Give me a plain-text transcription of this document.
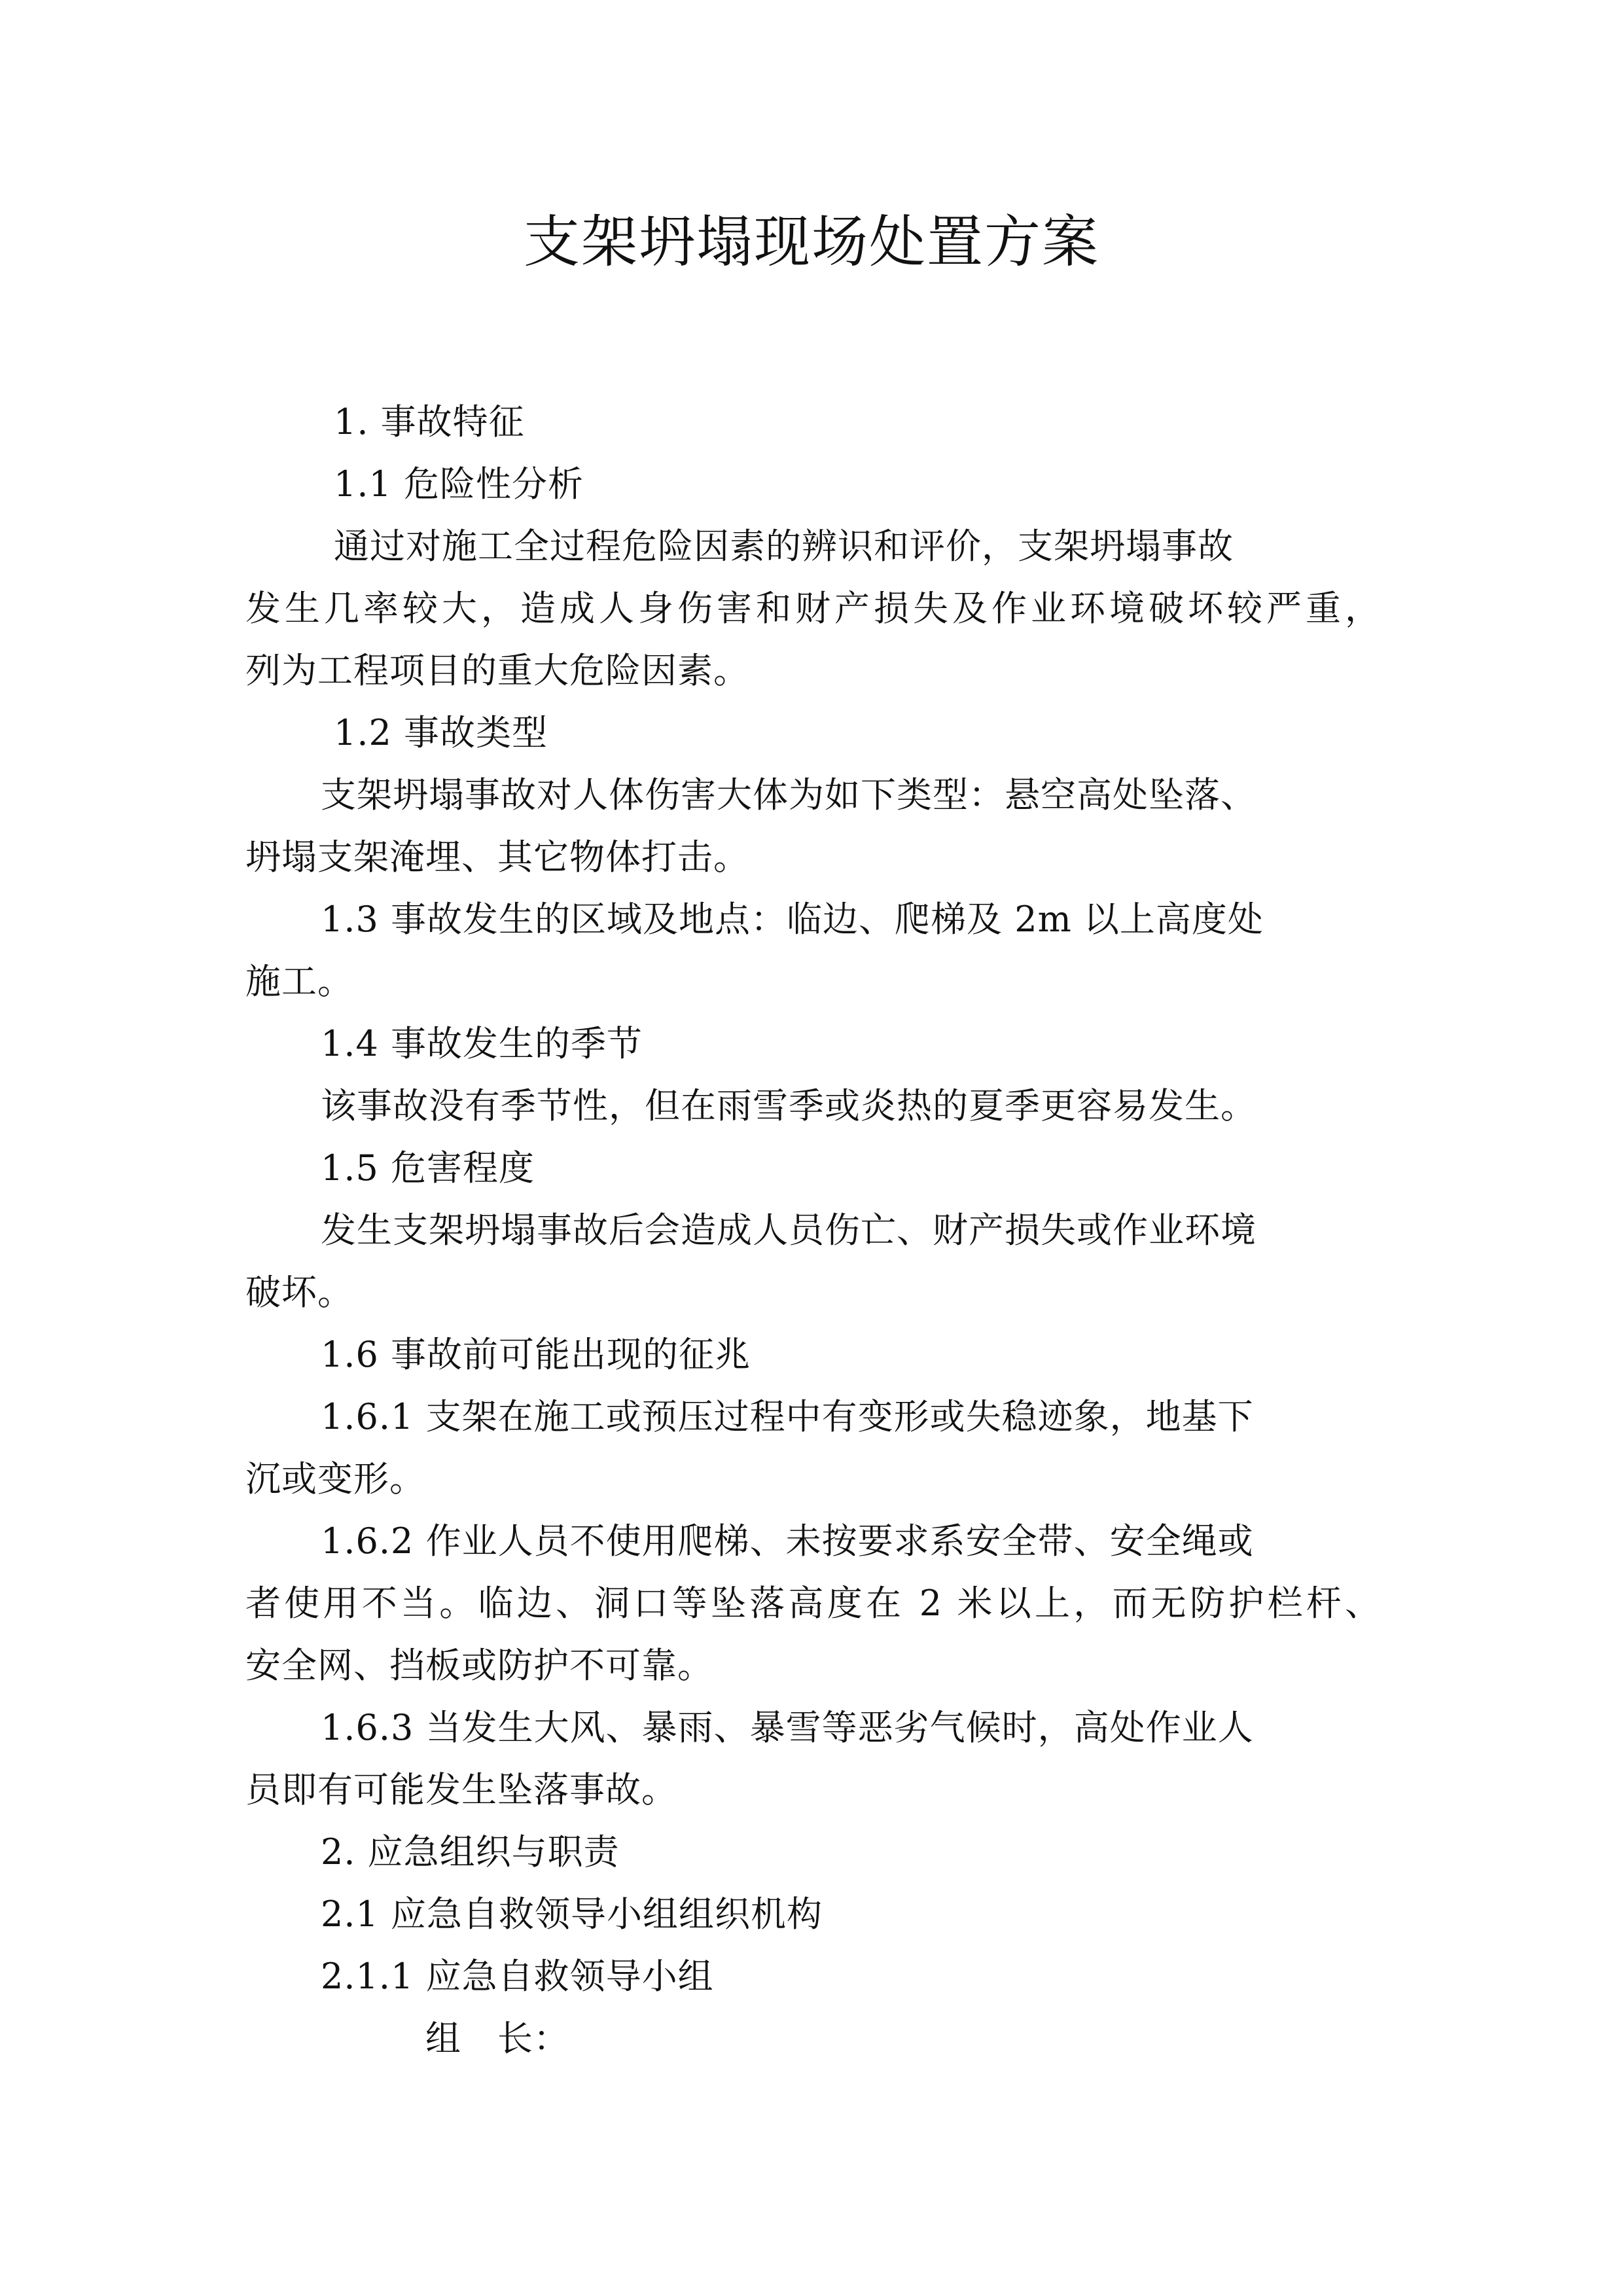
支架坍塌现场处置方案
1. 事故特征
1.1 危险性分析
通过对施工全过程危险因素的辨识和评价，支架坍塌事故
发生几率较大，造成人身伤害和财产损失及作业环境破坏较严重，
列为工程项目的重大危险因素。
1.2 事故类型
支架坍塌事故对人体伤害大体为如下类型：悬空高处坠落、
坍塌支架淹埋、其它物体打击。
1.3 事故发生的区域及地点：临边、爬梯及 2m 以上高度处
施工。
1.4 事故发生的季节
该事故没有季节性，但在雨雪季或炎热的夏季更容易发生。
1.5 危害程度
发生支架坍塌事故后会造成人员伤亡、财产损失或作业环境
破坏。
1.6 事故前可能出现的征兆
1.6.1 支架在施工或预压过程中有变形或失稳迹象，地基下
沉或变形。
1.6.2 作业人员不使用爬梯、未按要求系安全带、安全绳或
者使用不当。临边、洞口等坠落高度在 2 米以上，而无防护栏杆、
安全网、挡板或防护不可靠。
1.6.3 当发生大风、暴雨、暴雪等恶劣气候时，高处作业人
员即有可能发生坠落事故。
2. 应急组织与职责
2.1 应急自救领导小组组织机构
2.1.1 应急自救领导小组
组　长：
